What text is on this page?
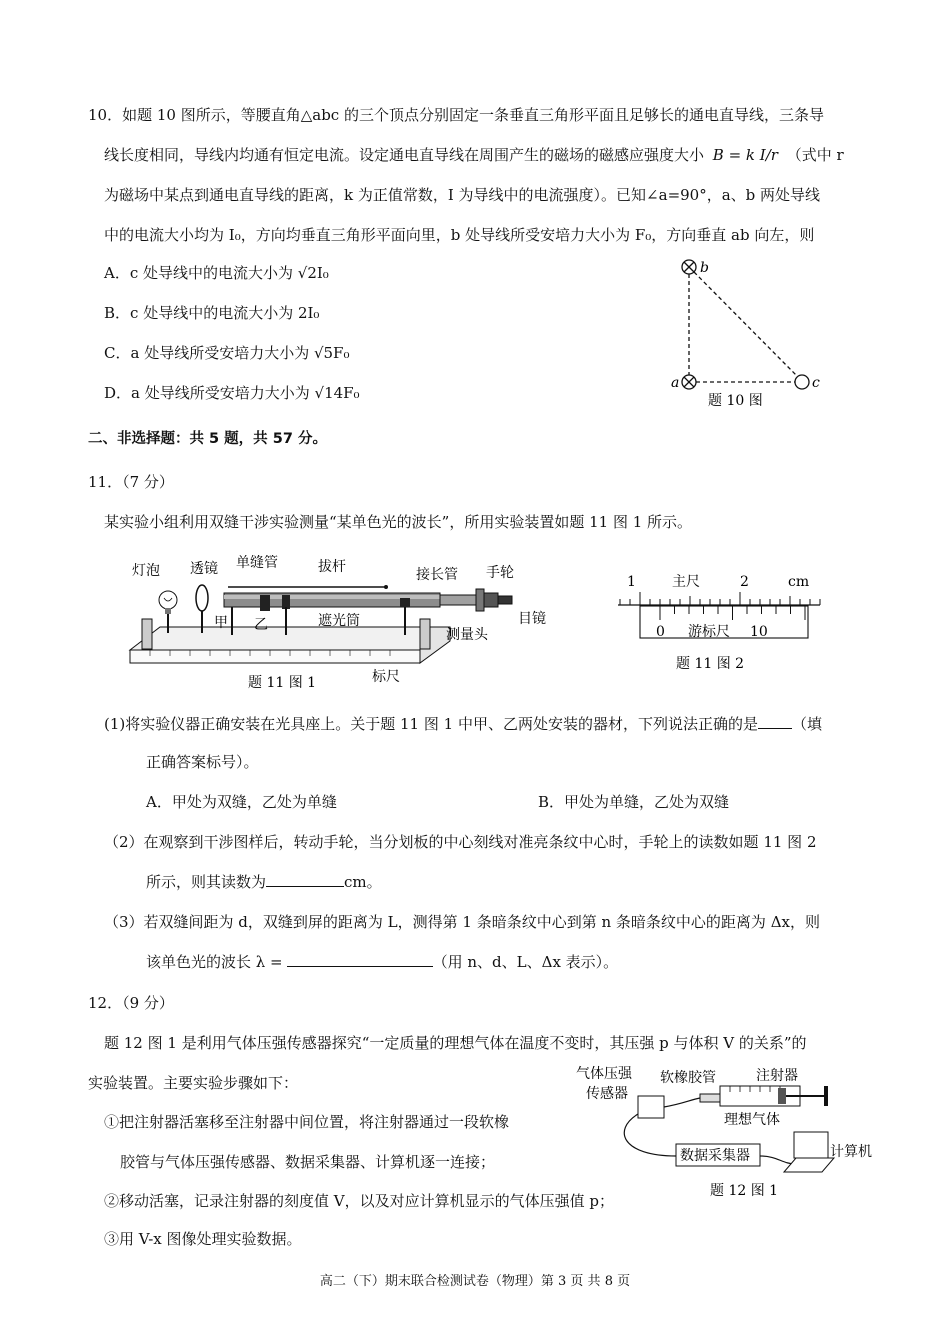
10．如题 10 图所示，等腰直角△abc 的三个顶点分别固定一条垂直三角形平面且足够长的通电直导线，三条导
线长度相同，导线内均通有恒定电流。设定通电直导线在周围产生的磁场的磁感应强度大小 B = k I/r （式中 r
为磁场中某点到通电直导线的距离，k 为正值常数，I 为导线中的电流强度）。已知∠a=90°，a、b 两处导线
中的电流大小均为 I₀，方向均垂直三角形平面向里，b 处导线所受安培力大小为 F₀，方向垂直 ab 向左，则
A．c 处导线中的电流大小为 √2I₀
B．c 处导线中的电流大小为 2I₀
C．a 处导线所受安培力大小为 √5F₀
D．a 处导线所受安培力大小为 √14F₀
b
a	c
题 10 图
二、非选择题：共 5 题，共 57 分。
11．（7 分）
某实验小组利用双缝干涉实验测量“某单色光的波长”，所用实验装置如题 11 图 1 所示。
灯泡 透镜 单缝管	拔杆	接长管 手轮
甲 乙	遮光筒	目镜
测量头
标尺
题 11 图 1
1	主尺	2	cm
0 游标尺 10
题 11 图 2
(1)将实验仪器正确安装在光具座上。关于题 11 图 1 中甲、乙两处安装的器材，下列说法正确的是 （填
正确答案标号）。
A．甲处为双缝，乙处为单缝	B．甲处为单缝，乙处为双缝
（2）在观察到干涉图样后，转动手轮，当分划板的中心刻线对准亮条纹中心时，手轮上的读数如题 11 图 2
所示，则其读数为	cm。
（3）若双缝间距为 d，双缝到屏的距离为 L，测得第 1 条暗条纹中心到第 n 条暗条纹中心的距离为 Δx，则
该单色光的波长 λ =	（用 n、d、L、Δx 表示）。
12．（9 分）
题 12 图 1 是利用气体压强传感器探究“一定质量的理想气体在温度不变时，其压强 p 与体积 V 的关系”的
实验装置。主要实验步骤如下：
①把注射器活塞移至注射器中间位置，将注射器通过一段软橡
胶管与气体压强传感器、数据采集器、计算机逐一连接；
②移动活塞，记录注射器的刻度值 V，以及对应计算机显示的气体压强值 p；
③用 V-x 图像处理实验数据。
气体压强
传感器
软橡胶管	注射器
理想气体
数据采集器	计算机
题 12 图 1
高二（下）期末联合检测试卷（物理）第 3 页 共 8 页
